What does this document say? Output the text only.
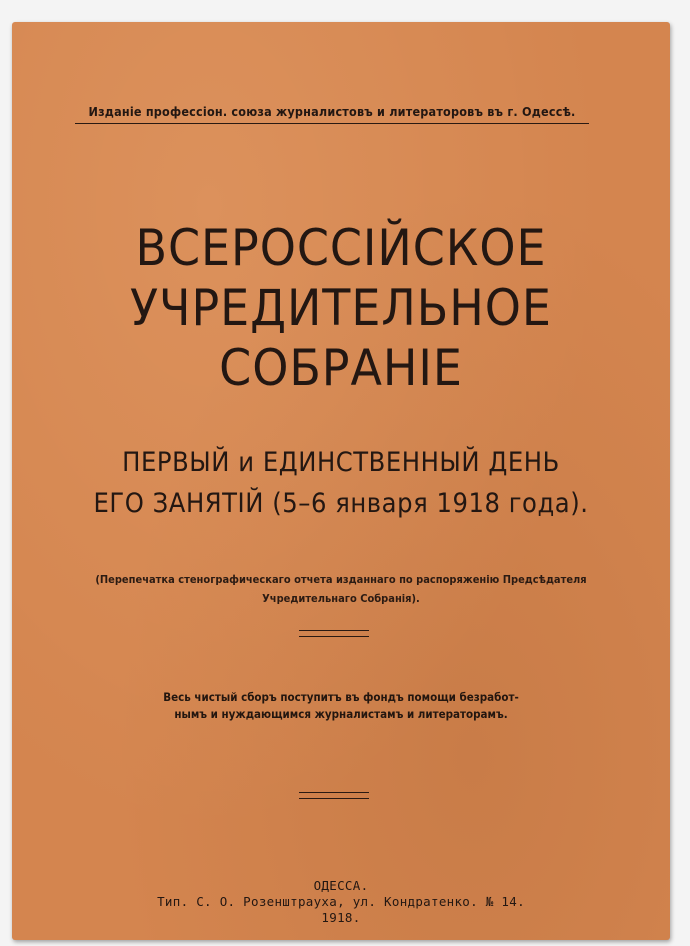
Изданіе профессіон. союза журналистовъ и литераторовъ въ г. Одессѣ.
ВСЕРОССІЙСКОЕ
УЧРЕДИТЕЛЬНОЕ
СОБРАНІЕ
ПЕРВЫЙ и ЕДИНСТВЕННЫЙ ДЕНЬ
ЕГО ЗАНЯТІЙ (5–6 января 1918 года).
(Перепечатка стенографическаго отчета изданнаго по распоряженію Предсѣдателя
Учредительнаго Собранія).
Весь чистый сборъ поступитъ въ фондъ помощи безработ-
нымъ и нуждающимся журналистамъ и литераторамъ.
ОДЕССА.
Тип. С. О. Розенштрауха, ул. Кондратенко. № 14.
1918.
